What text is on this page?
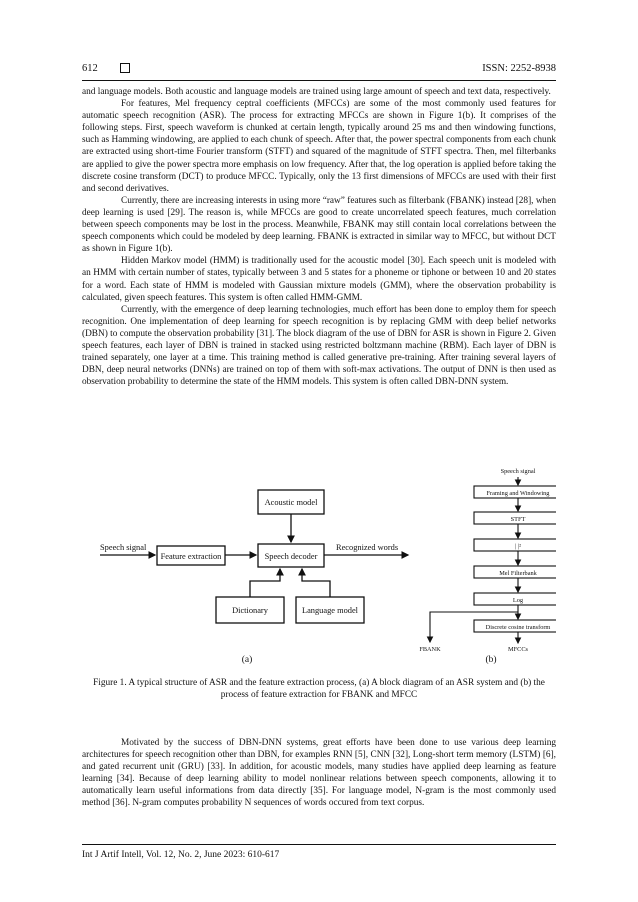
612	ISSN: 2252-8938

and language models. Both acoustic and language models are trained using large amount of speech and text data, respectively.

For features, Mel frequency ceptral coefficients (MFCCs) are some of the most commonly used features for automatic speech recognition (ASR). The process for extracting MFCCs are shown in Figure 1(b). It comprises of the following steps. First, speech waveform is chunked at certain length, typically around 25 ms and then windowing functions, such as Hamming windowing, are applied to each chunk of speech. After that, the power spectral components from each chunk are extracted using short-time Fourier transform (STFT) and squared of the magnitude of STFT spectra. Then, mel filterbanks are applied to give the power spectra more emphasis on low frequency. After that, the log operation is applied before taking the discrete cosine transform (DCT) to produce MFCC. Typically, only the 13 first dimensions of MFCCs are used with their first and second derivatives.

Currently, there are increasing interests in using more “raw” features such as filterbank (FBANK) instead [28], when deep learning is used [29]. The reason is, while MFCCs are good to create uncorrelated speech features, much correlation between speech components may be lost in the process. Meanwhile, FBANK may still contain local correlations between the speech components which could be modeled by deep learning. FBANK is extracted in similar way to MFCC, but without DCT as shown in Figure 1(b).

Hidden Markov model (HMM) is traditionally used for the acoustic model [30]. Each speech unit is modeled with an HMM with certain number of states, typically between 3 and 5 states for a phoneme or tiphone or between 10 and 20 states for a word. Each state of HMM is modeled with Gaussian mixture models (GMM), where the observation probability is calculated, given speech features. This system is often called HMM-GMM.

Currently, with the emergence of deep learning technologies, much effort has been done to employ them for speech recognition. One implementation of deep learning for speech recognition is by replacing GMM with deep belief networks (DBN) to compute the observation probability [31]. The block diagram of the use of DBN for ASR is shown in Figure 2. Given speech features, each layer of DBN is trained in stacked using restricted boltzmann machine (RBM). Each layer of DBN is trained separately, one layer at a time. This training method is called generative pre-training. After training several layers of DBN, deep neural networks (DNNs) are trained on top of them with soft-max activations. The output of DNN is then used as observation probability to determine the state of the HMM models. This system is often called DBN-DNN system.

Acoustic model
Speech signal
Feature extraction	Speech decoder
Recognized words
Dictionary	Language model
(a)
Speech signal
Framing and Windowing
STFT
| |²
Mel Filterbank
Log
Discrete cosine transform
FBANK	MFCCs
(b)
Figure 1. A typical structure of ASR and the feature extraction process, (a) A block diagram of an ASR system and (b) the process of feature extraction for FBANK and MFCC

Motivated by the success of DBN-DNN systems, great efforts have been done to use various deep learning architectures for speech recognition other than DBN, for examples RNN [5], CNN [32], Long-short term memory (LSTM) [6], and gated recurrent unit (GRU) [33]. In addition, for acoustic models, many studies have applied deep learning as feature learning [34]. Because of deep learning ability to model nonlinear relations between speech components, allowing it to automatically learn useful informations from data directly [35]. For language model, N-gram is the most commonly used method [36]. N-gram computes probability N sequences of words occured from text corpus.

Int J Artif Intell, Vol. 12, No. 2, June 2023: 610-617
